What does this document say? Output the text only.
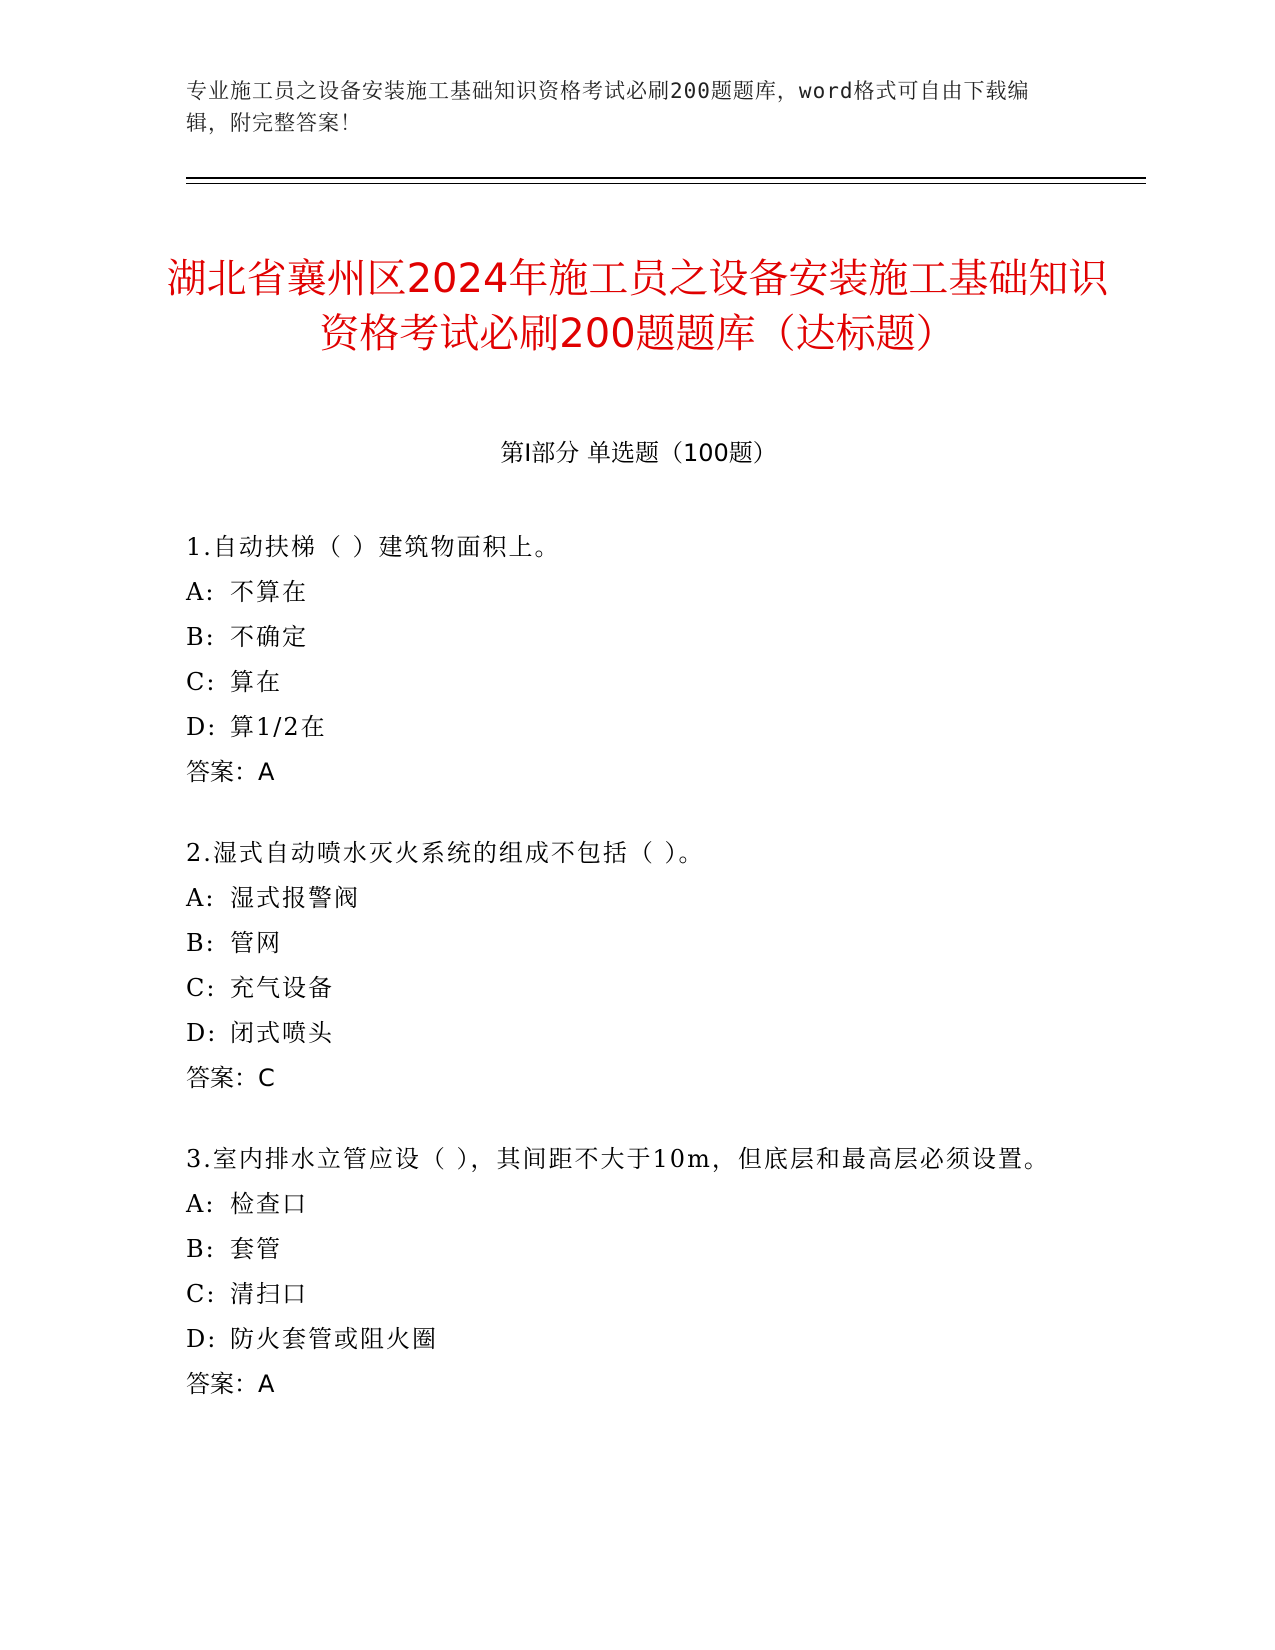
专业施工员之设备安装施工基础知识资格考试必刷200题题库，word格式可自由下载编辑，附完整答案！
湖北省襄州区2024年施工员之设备安装施工基础知识资格考试必刷200题题库（达标题）
第I部分 单选题（100题）

1.自动扶梯（ ）建筑物面积上。

A: 不算在

B: 不确定

C: 算在

D: 算1/2在

答案：A

2.湿式自动喷水灭火系统的组成不包括（ ）。

A: 湿式报警阀

B: 管网

C: 充气设备

D: 闭式喷头

答案：C

3.室内排水立管应设（ ），其间距不大于10m，但底层和最高层必须设置。

A: 检查口

B: 套管

C: 清扫口

D: 防火套管或阻火圈

答案：A
